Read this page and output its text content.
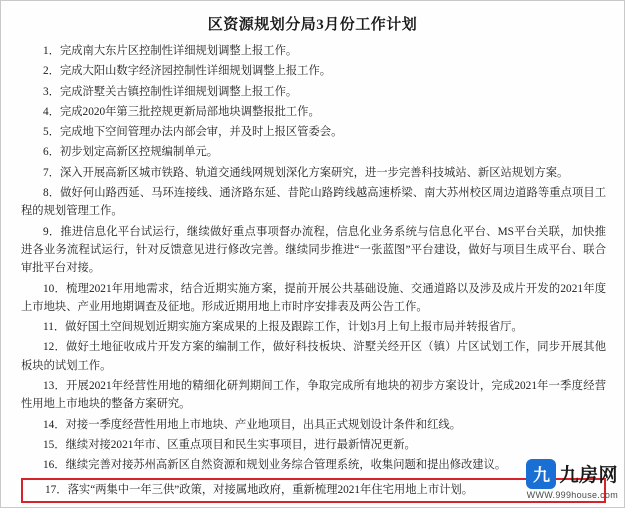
区资源规划分局3月份工作计划

1．完成南大东片区控制性详细规划调整上报工作。

2．完成大阳山数字经济园控制性详细规划调整上报工作。

3．完成浒墅关古镇控制性详细规划调整上报工作。

4．完成2020年第三批控规更新局部地块调整报批工作。

5．完成地下空间管理办法内部会审，并及时上报区管委会。

6．初步划定高新区控规编制单元。

7．深入开展高新区城市铁路、轨道交通线网规划深化方案研究，进一步完善科技城站、新区站规划方案。

8．做好何山路西延、马环连接线、通济路东延、昔陀山路跨线越高速桥梁、南大苏州校区周边道路等重点项目工程的规划管理工作。

9．推进信息化平台试运行，继续做好重点事项督办流程，信息化业务系统与信息化平台、MS平台关联，加快推进各业务流程试运行，针对反馈意见进行修改完善。继续同步推进“一张蓝图”平台建设，做好与项目生成平台、联合审批平台对接。

10．梳理2021年用地需求，结合近期实施方案，提前开展公共基础设施、交通道路以及涉及成片开发的2021年度上市地块、产业用地期调查及征地。形成近期用地上市时序安排表及两公告工作。

11．做好国土空间规划近期实施方案成果的上报及跟踪工作，计划3月上旬上报市局并转报省厅。

12．做好土地征收成片开发方案的编制工作，做好科技板块、浒墅关经开区（镇）片区试划工作，同步开展其他板块的试划工作。

13．开展2021年经营性用地的精细化研判期间工作，争取完成所有地块的初步方案设计，完成2021年一季度经营性用地上市地块的整备方案研究。

14．对接一季度经营性用地上市地块、产业地项目，出具正式规划设计条件和红线。

15．继续对接2021年市、区重点项目和民生实事项目，进行最新情况更新。

16．继续完善对接苏州高新区自然资源和规划业务综合管理系统，收集问题和提出修改建议。

17．落实“两集中一年三供”政策，对接属地政府，重新梳理2021年住宅用地上市计划。

九 九房网
WWW.999house.com
